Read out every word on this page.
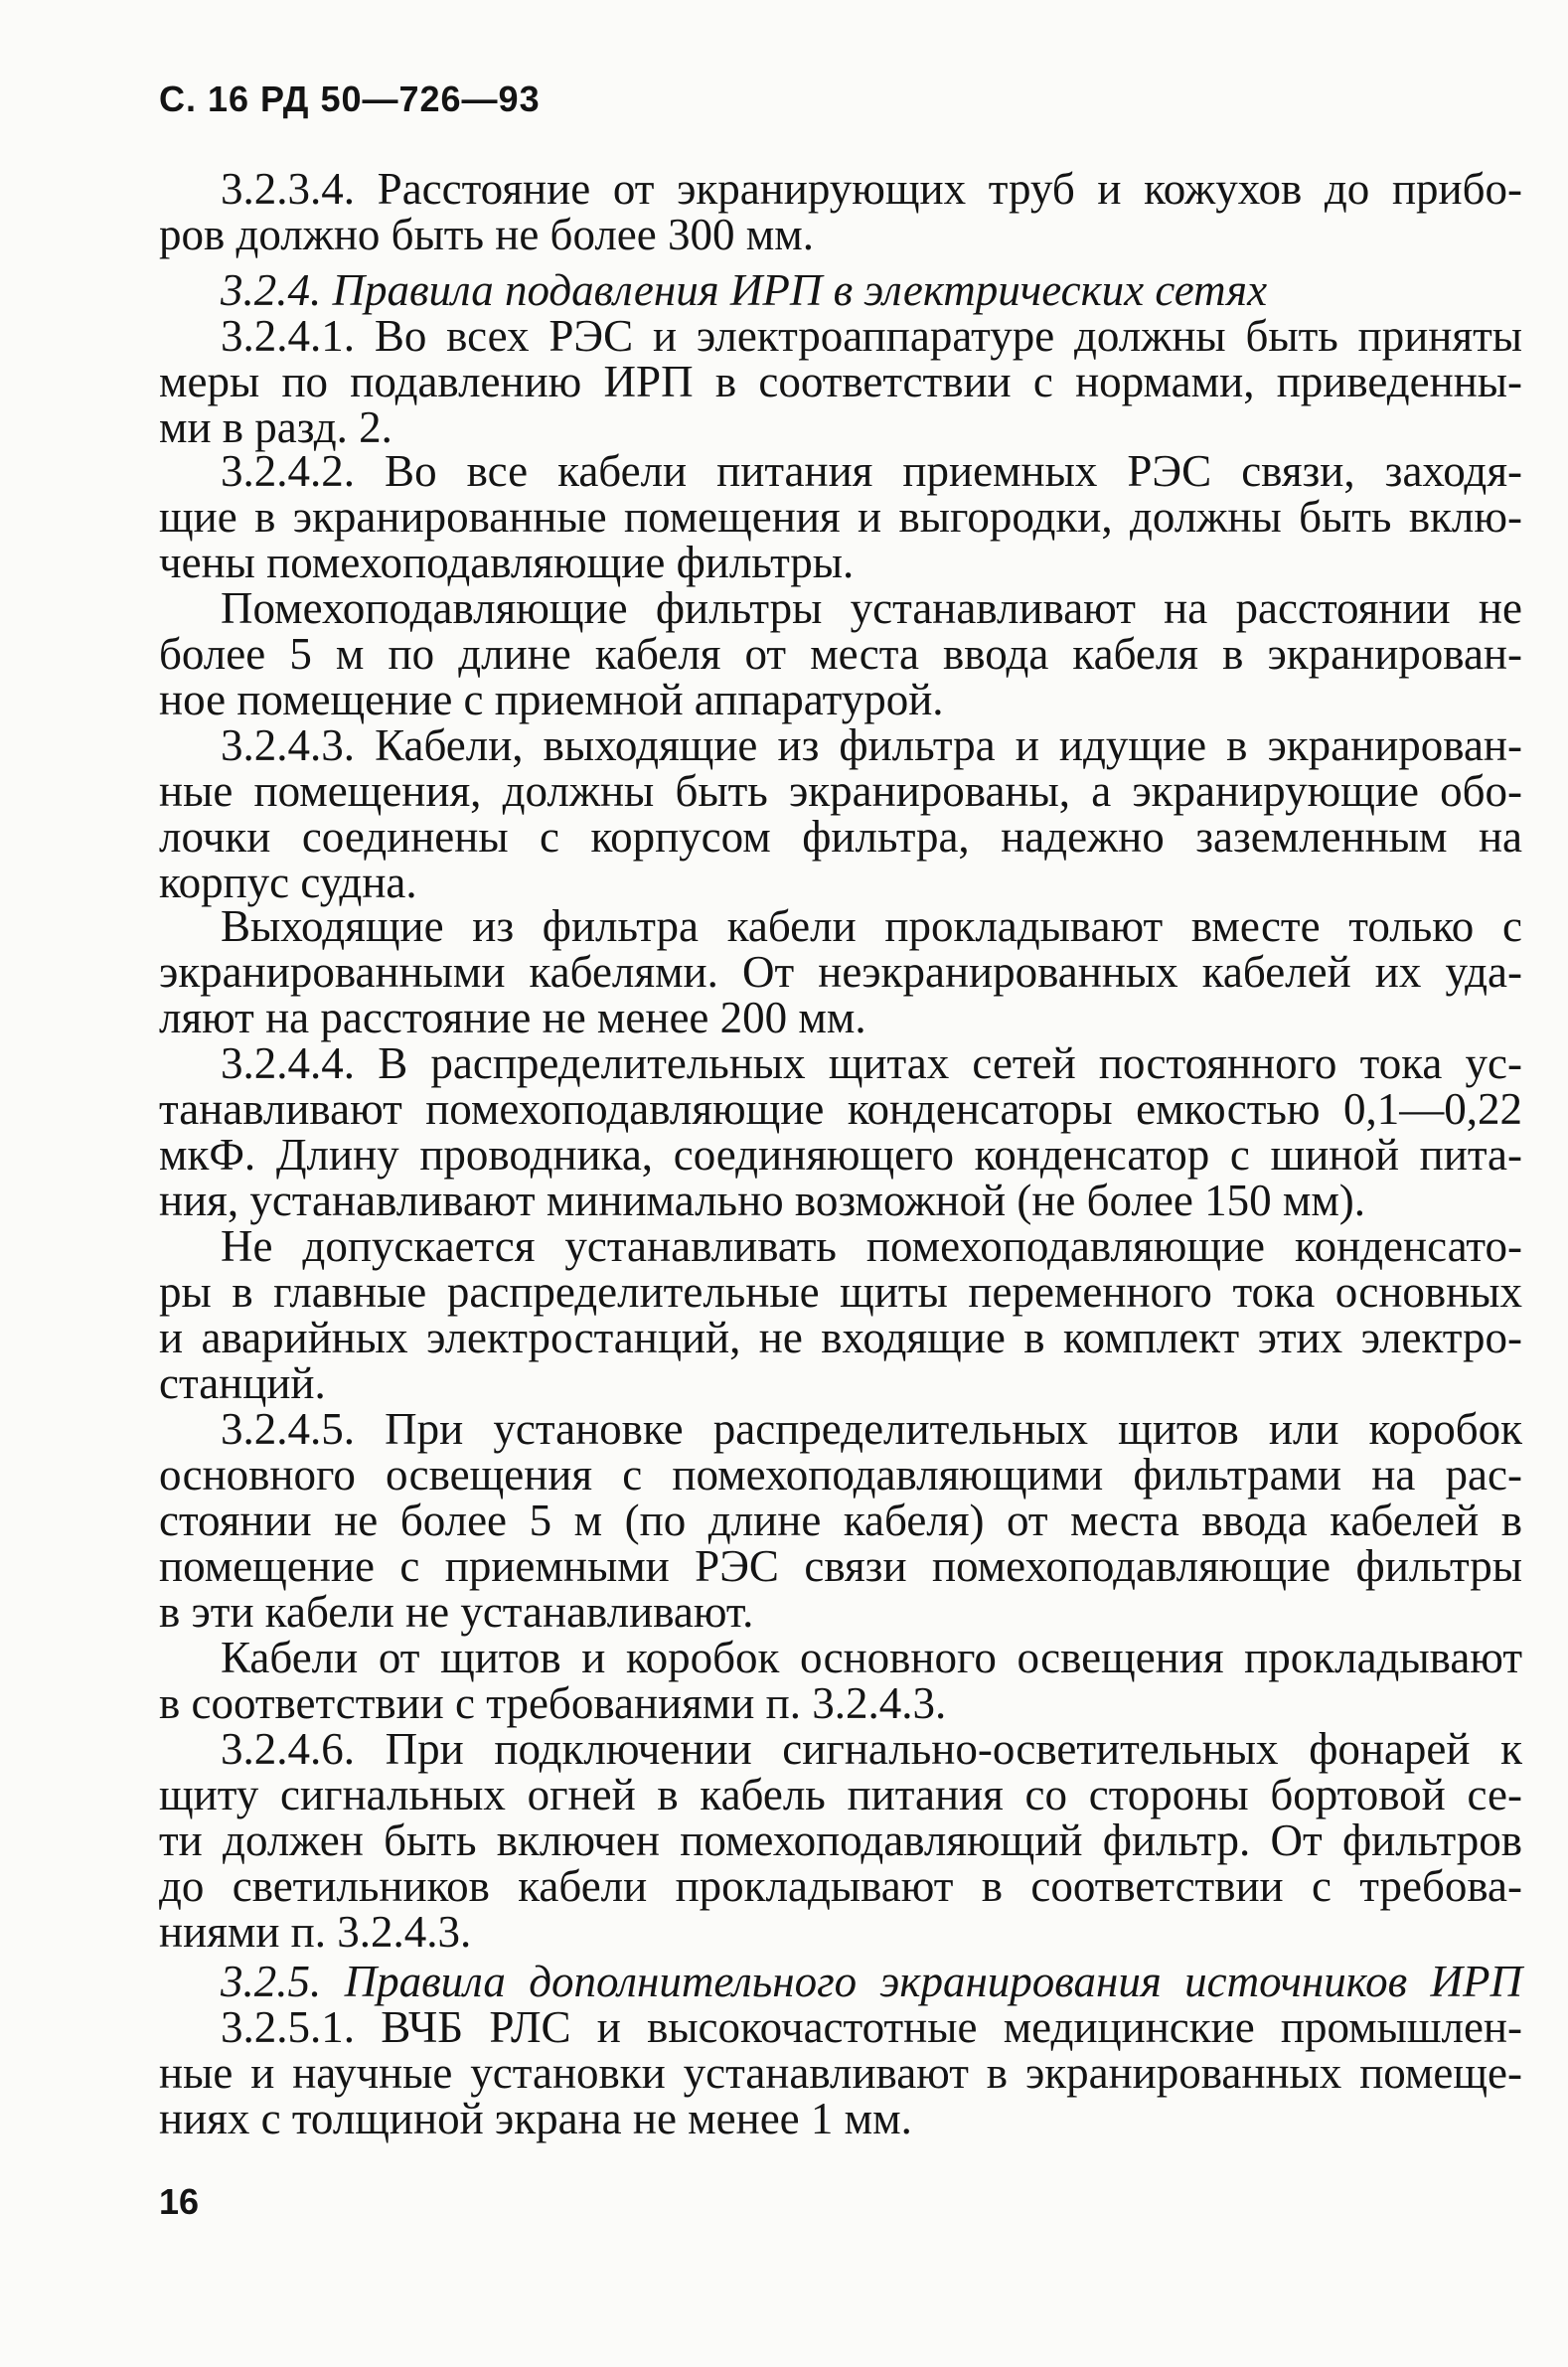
С. 16 РД 50—726—93
3.2.3.4. Расстояние от экранирующих труб и кожухов до прибо-
ров должно быть не более 300 мм.
3.2.4. Правила подавления ИРП в электрических сетях
3.2.4.1. Во всех РЭС и электроаппаратуре должны быть приняты
меры по подавлению ИРП в соответствии с нормами, приведенны-
ми в разд. 2.
3.2.4.2. Во все кабели питания приемных РЭС связи, заходя-
щие в экранированные помещения и выгородки, должны быть вклю-
чены помехоподавляющие фильтры.
Помехоподавляющие фильтры устанавливают на расстоянии не
более 5 м по длине кабеля от места ввода кабеля в экранирован-
ное помещение с приемной аппаратурой.
3.2.4.3. Кабели, выходящие из фильтра и идущие в экранирован-
ные помещения, должны быть экранированы, а экранирующие обо-
лочки соединены с корпусом фильтра, надежно заземленным на
корпус судна.
Выходящие из фильтра кабели прокладывают вместе только с
экранированными кабелями. От неэкранированных кабелей их уда-
ляют на расстояние не менее 200 мм.
3.2.4.4. В распределительных щитах сетей постоянного тока ус-
танавливают помехоподавляющие конденсаторы емкостью 0,1—0,22
мкФ. Длину проводника, соединяющего конденсатор с шиной пита-
ния, устанавливают минимально возможной (не более 150 мм).
Не допускается устанавливать помехоподавляющие конденсато-
ры в главные распределительные щиты переменного тока основных
и аварийных электростанций, не входящие в комплект этих электро-
станций.
3.2.4.5. При установке распределительных щитов или коробок
основного освещения с помехоподавляющими фильтрами на рас-
стоянии не более 5 м (по длине кабеля) от места ввода кабелей в
помещение с приемными РЭС связи помехоподавляющие фильтры
в эти кабели не устанавливают.
Кабели от щитов и коробок основного освещения прокладывают
в соответствии с требованиями п. 3.2.4.3.
3.2.4.6. При подключении сигнально-осветительных фонарей к
щиту сигнальных огней в кабель питания со стороны бортовой се-
ти должен быть включен помехоподавляющий фильтр. От фильтров
до светильников кабели прокладывают в соответствии с требова-
ниями п. 3.2.4.3.
3.2.5. Правила дополнительного экранирования источников ИРП
3.2.5.1. ВЧБ РЛС и высокочастотные медицинские промышлен-
ные и научные установки устанавливают в экранированных помеще-
ниях с толщиной экрана не менее 1 мм.
16
